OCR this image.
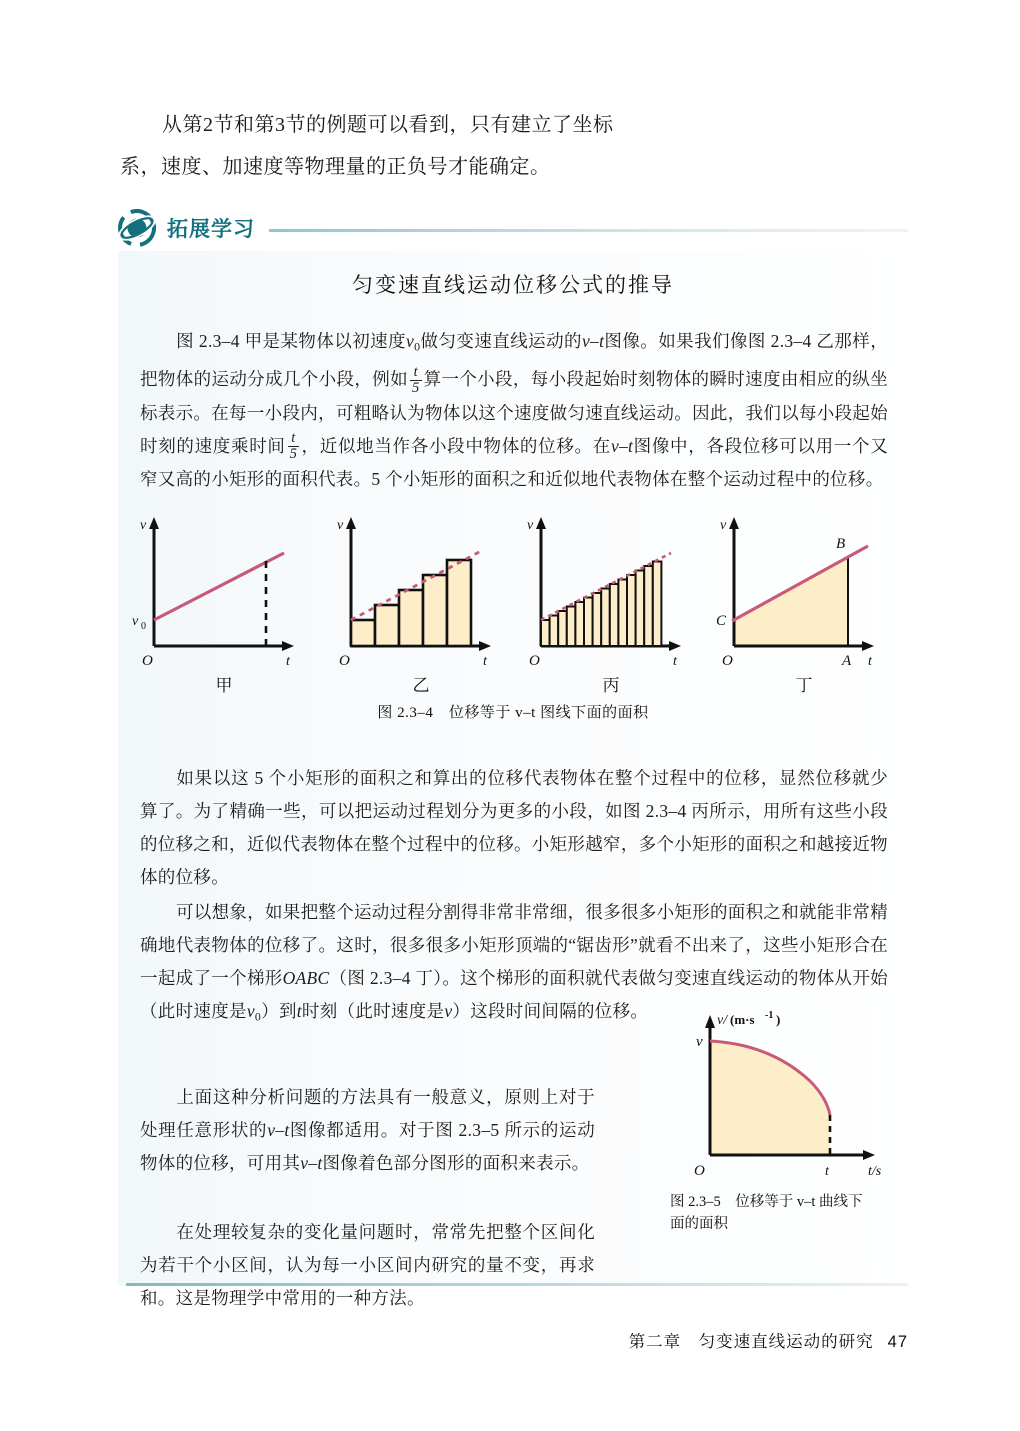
从第2节和第3节的例题可以看到，只有建立了坐标

系，速度、加速度等物理量的正负号才能确定。

拓展学习
匀变速直线运动位移公式的推导

图 2.3–4 甲是某物体以初速度$v_0$做匀变速直线运动的v–t图像。如果我们像图 2.3–4 乙那样，把物体的运动分成几个小段，例如 $\frac{t}{5}$ 算一个小段，每小段起始时刻物体的瞬时速度由相应的纵坐标表示。在每一小段内，可粗略认为物体以这个速度做匀速直线运动。因此，我们以每小段起始时刻的速度乘时间 $\frac{t}{5}$ ，近似地当作各小段中物体的位移。在v–t图像中，各段位移可以用一个又窄又高的小矩形的面积代表。5 个小矩形的面积之和近似地代表物体在整个运动过程中的位移。

v
v 0
O	t
甲
v
O	t
乙
v
O	t
丙
v
C
B
A
O	t
丁
图 2.3–4　位移等于 v–t 图线下面的面积

如果以这 5 个小矩形的面积之和算出的位移代表物体在整个过程中的位移，显然位移就少算了。为了精确一些，可以把运动过程划分为更多的小段，如图 2.3–4 丙所示，用所有这些小段的位移之和，近似代表物体在整个过程中的位移。小矩形越窄，多个小矩形的面积之和越接近物体的位移。

可以想象，如果把整个运动过程分割得非常非常细，很多很多小矩形的面积之和就能非常精确地代表物体的位移了。这时，很多很多小矩形顶端的“锯齿形”就看不出来了，这些小矩形合在一起成了一个梯形OABC（图 2.3–4 丁）。这个梯形的面积就代表做匀变速直线运动的物体从开始（此时速度是$v_0$）到t时刻（此时速度是v）这段时间间隔的位移。

上面这种分析问题的方法具有一般意义，原则上对于处理任意形状的v–t图像都适用。对于图 2.3–5 所示的运动物体的位移，可用其v–t图像着色部分图形的面积来表示。

在处理较复杂的变化量问题时，常常先把整个区间化为若干个小区间，认为每一小区间内研究的量不变，再求和。这是物理学中常用的一种方法。

v/ (m·s -1 )
v
O	t	t/s
图 2.3–5　位移等于 v–t 曲线下
面的面积
第二章　匀变速直线运动的研究 47
